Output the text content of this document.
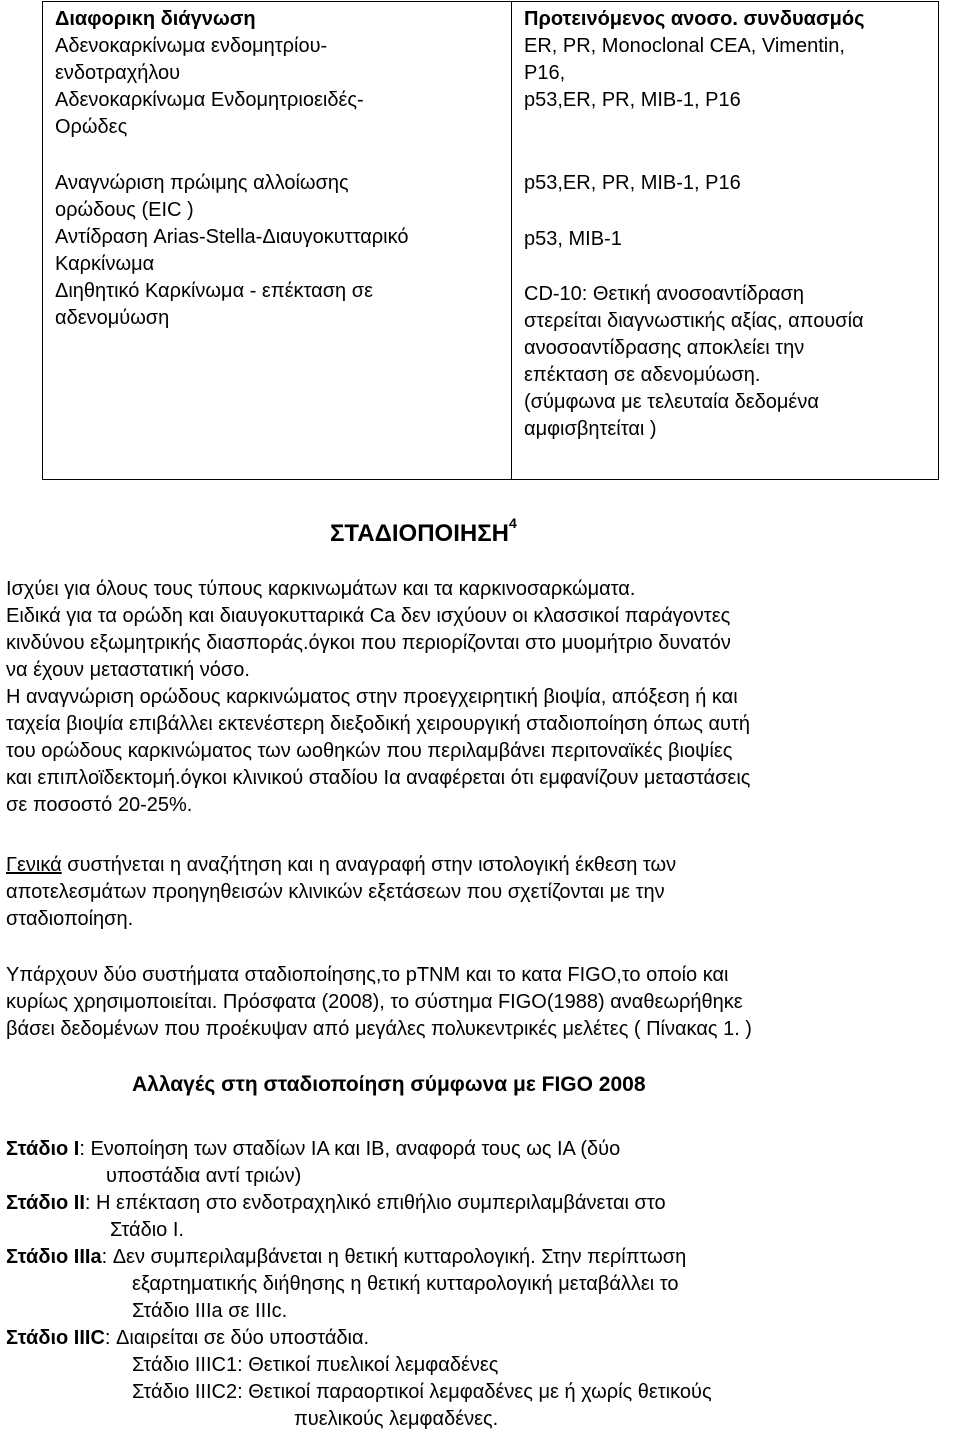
Διαφορικη διάγνωση
Αδενοκαρκίνωμα ενδομητρίου-
ενδοτραχήλου
Αδενοκαρκίνωμα Ενδομητριοειδές-
Ορώδες
Αναγνώριση πρώιμης αλλοίωσης
ορώδους (EIC )
Αντίδραση Arias-Stella-Διαυγοκυτταρικό
Καρκίνωμα
Διηθητικό Καρκίνωμα - επέκταση σε
αδενομύωση
Προτεινόμενος ανοσο. συνδυασμός
ER, PR, Monoclonal CEA, Vimentin,
P16,
p53,ER, PR, MIB-1, P16
p53,ER, PR, MIB-1, P16
p53, MIB-1
CD-10: Θετική ανοσοαντίδραση
στερείται διαγνωστικής αξίας, απουσία
ανοσοαντίδρασης αποκλείει την
επέκταση σε αδενομύωση.
(σύμφωνα με τελευταία δεδομένα
αμφισβητείται )
ΣΤΑΔΙΟΠΟΙΗΣΗ$^4$
Ισχύει για όλους τους τύπους καρκινωμάτων και τα καρκινοσαρκώματα.
Ειδικά για τα ορώδη και διαυγοκυτταρικά Ca δεν ισχύουν οι κλασσικοί παράγοντες
κινδύνου εξωμητρικής διασποράς.όγκοι που περιορίζονται στο μυομήτριο δυνατόν
να έχουν μεταστατική νόσο.
Η αναγνώριση ορώδους καρκινώματος στην προεγχειρητική βιοψία, απόξεση ή και
ταχεία βιοψία επιβάλλει εκτενέστερη διεξοδική χειρουργική σταδιοποίηση όπως αυτή
του ορώδους καρκινώματος των ωοθηκών που περιλαμβάνει περιτοναϊκές βιοψίες
και επιπλοϊδεκτομή.όγκοι κλινικού σταδίου Ια αναφέρεται ότι εμφανίζουν μεταστάσεις
σε ποσοστό 20-25%.
Γενικά συστήνεται η αναζήτηση και η αναγραφή στην ιστολογική έκθεση των
αποτελεσμάτων προηγηθεισών κλινικών εξετάσεων που σχετίζονται με την
σταδιοποίηση.
Υπάρχουν δύο συστήματα σταδιοποίησης,το pTNM και το κατα FIGO,το οποίο και
κυρίως χρησιμοποιείται. Πρόσφατα (2008), το σύστημα FIGO(1988) αναθεωρήθηκε
βάσει δεδομένων που προέκυψαν από μεγάλες πολυκεντρικές μελέτες ( Πίνακας 1. )
Αλλαγές στη σταδιοποίηση σύμφωνα με FIGO 2008
Στάδιο Ι: Ενοποίηση των σταδίων ΙΑ και ΙΒ, αναφορά τους ως ΙΑ (δύο
υποστάδια αντί τριών)
Στάδιο ΙΙ: Η επέκταση στο ενδοτραχηλικό επιθήλιο συμπεριλαμβάνεται στο
Στάδιο Ι.
Στάδιο ΙΙΙa: Δεν συμπεριλαμβάνεται η θετική κυτταρολογική. Στην περίπτωση
εξαρτηματικής διήθησης η θετική κυτταρολογική μεταβάλλει το
Στάδιο ΙΙΙa σε ΙΙΙc.
Στάδιο ΙΙΙC: Διαιρείται σε δύο υποστάδια.
Στάδιο ΙΙΙC1: Θετικοί πυελικοί λεμφαδένες
Στάδιο ΙΙΙC2: Θετικοί παραορτικοί λεμφαδένες με ή χωρίς θετικούς
πυελικούς λεμφαδένες.
